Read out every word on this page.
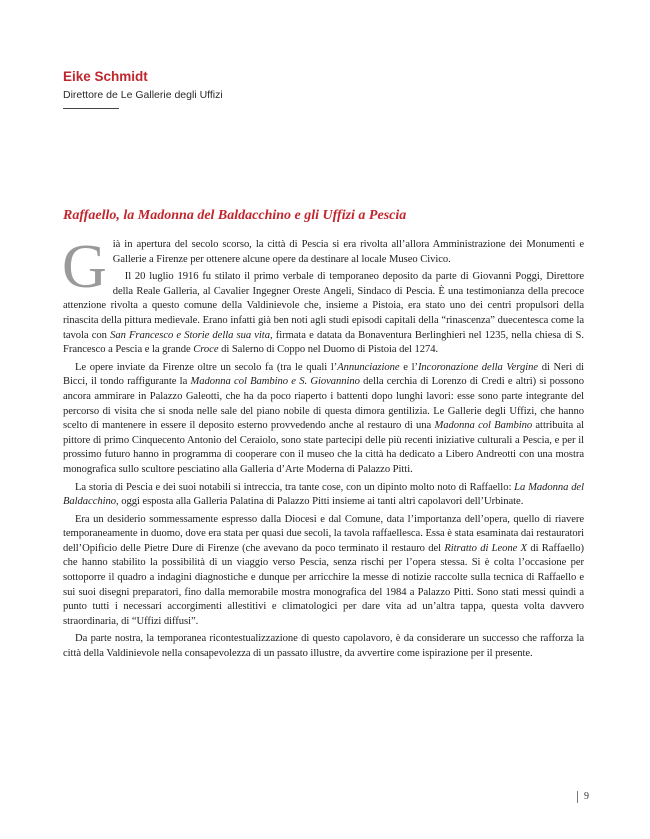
Eike Schmidt
Direttore de Le Gallerie degli Uffizi
Raffaello, la Madonna del Baldacchino e gli Uffizi a Pescia

Già in apertura del secolo scorso, la città di Pescia si era rivolta all’allora Amministrazione dei Monumenti e Gallerie a Firenze per ottenere alcune opere da destinare al locale Museo Civico.

Il 20 luglio 1916 fu stilato il primo verbale di temporaneo deposito da parte di Giovanni Poggi, Direttore della Reale Galleria, al Cavalier Ingegner Oreste Angeli, Sindaco di Pescia. È una testimonianza della precoce attenzione rivolta a questo comune della Valdinievole che, insieme a Pistoia, era stato uno dei centri propulsori della rinascita della pittura medievale. Erano infatti già ben noti agli studi episodi capitali della “rinascenza” duecentesca come la tavola con San Francesco e Storie della sua vita, firmata e datata da Bonaventura Berlinghieri nel 1235, nella chiesa di S. Francesco a Pescia e la grande Croce di Salerno di Coppo nel Duomo di Pistoia del 1274.

Le opere inviate da Firenze oltre un secolo fa (tra le quali l’Annunciazione e l’Incoronazione della Vergine di Neri di Bicci, il tondo raffigurante la Madonna col Bambino e S. Giovannino della cerchia di Lorenzo di Credi e altri) si possono ancora ammirare in Palazzo Galeotti, che ha da poco riaperto i battenti dopo lunghi lavori: esse sono parte integrante del percorso di visita che si snoda nelle sale del piano nobile di questa dimora gentilizia. Le Gallerie degli Uffizi, che hanno scelto di mantenere in essere il deposito esterno provvedendo anche al restauro di una Madonna col Bambino attribuita al pittore di primo Cinquecento Antonio del Ceraiolo, sono state partecipi delle più recenti iniziative culturali a Pescia, e per il prossimo futuro hanno in programma di cooperare con il museo che la città ha dedicato a Libero Andreotti con una mostra monografica sullo scultore pesciatino alla Galleria d’Arte Moderna di Palazzo Pitti.

La storia di Pescia e dei suoi notabili si intreccia, tra tante cose, con un dipinto molto noto di Raffaello: La Madonna del Baldacchino, oggi esposta alla Galleria Palatina di Palazzo Pitti insieme ai tanti altri capolavori dell’Urbinate.

Era un desiderio sommessamente espresso dalla Diocesi e dal Comune, data l’importanza dell’opera, quello di riavere temporaneamente in duomo, dove era stata per quasi due secoli, la tavola raffaellesca. Essa è stata esaminata dai restauratori dell’Opificio delle Pietre Dure di Firenze (che avevano da poco terminato il restauro del Ritratto di Leone X di Raffaello) che hanno stabilito la possibilità di un viaggio verso Pescia, senza rischi per l’opera stessa. Si è colta l’occasione per sottoporre il quadro a indagini diagnostiche e dunque per arricchire la messe di notizie raccolte sulla tecnica di Raffaello e sui suoi disegni preparatori, fino dalla memorabile mostra monografica del 1984 a Palazzo Pitti. Sono stati messi quindi a punto tutti i necessari accorgimenti allestitivi e climatologici per dare vita ad un’altra tappa, questa volta davvero straordinaria, di “Uffizi diffusi”.

Da parte nostra, la temporanea ricontestualizzazione di questo capolavoro, è da considerare un successo che rafforza la città della Valdinievole nella consapevolezza di un passato illustre, da avvertire come ispirazione per il presente.

9
